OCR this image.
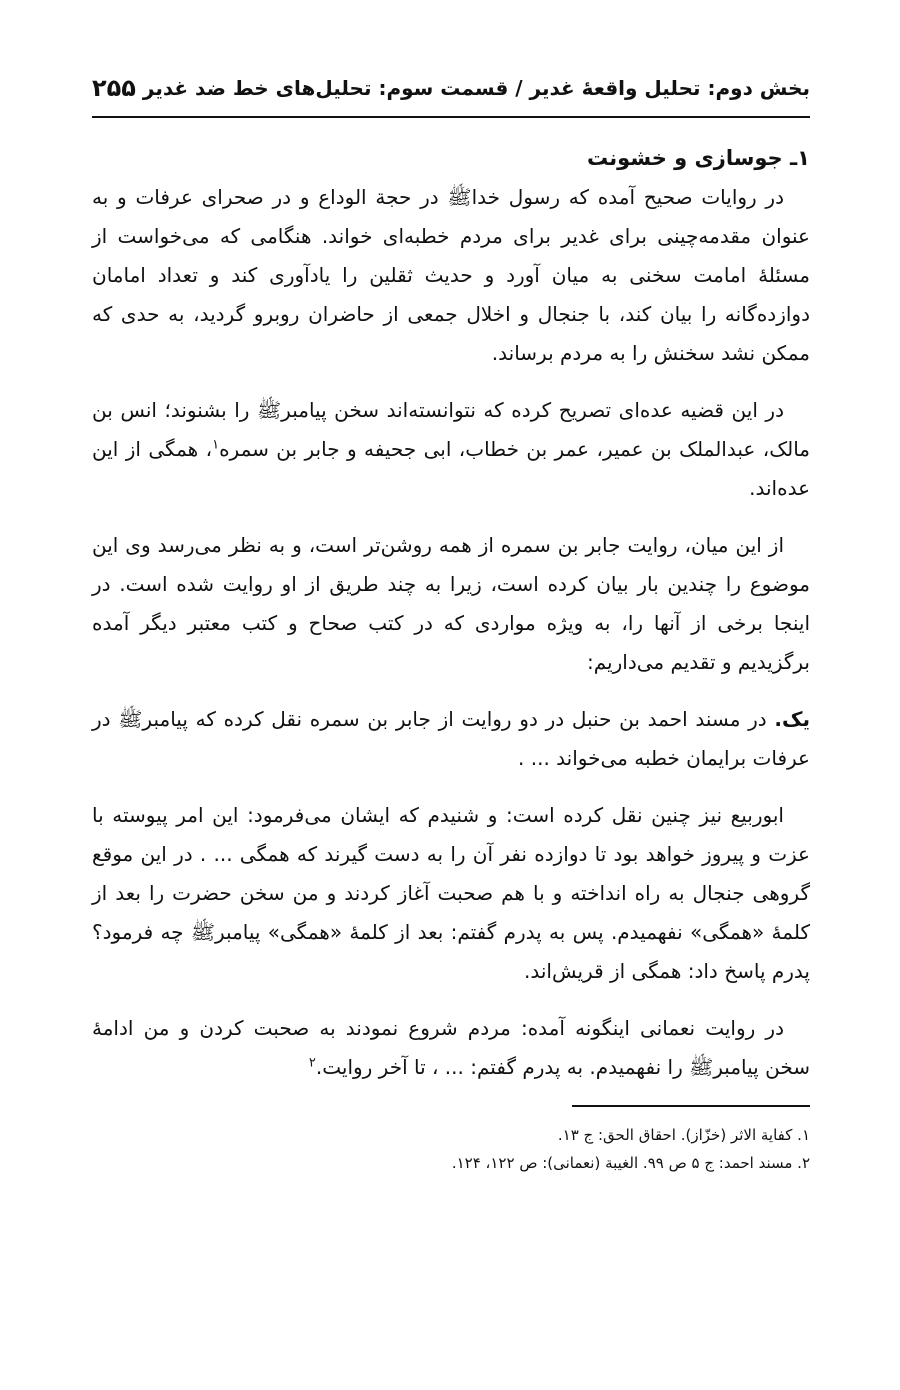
بخش دوم: تحلیل واقعهٔ غدیر / قسمت سوم: تحلیل‌های خط ضد غدیر
۲۵۵
۱ـ جوسازی و خشونت

در روایات صحیح آمده که رسول خداﷺ در حجة الوداع و در صحرای عرفات و به عنوان مقدمه‌چینی برای غدیر برای مردم خطبه‌ای خواند. هنگامی که می‌خواست از مسئلهٔ امامت سخنی به میان آورد و حدیث ثقلین را یادآوری کند و تعداد امامان دوازده‌گانه را بیان کند، با جنجال و اخلال جمعی از حاضران روبرو گردید، به حدی که ممکن نشد سخنش را به مردم برساند.

در این قضیه عده‌ای تصریح کرده که نتوانسته‌اند سخن پیامبرﷺ را بشنوند؛ انس بن مالک، عبدالملک بن عمیر، عمر بن خطاب، ابی جحیفه و جابر بن سمره$^۱$، همگی از این عده‌اند.

از این میان، روایت جابر بن سمره از همه روشن‌تر است، و به نظر می‌رسد وی این موضوع را چندین بار بیان کرده است، زیرا به چند طریق از او روایت شده است. در اینجا برخی از آنها را، به ویژه مواردی که در کتب صحاح و کتب معتبر دیگر آمده برگزیدیم و تقدیم می‌داریم:

یک. در مسند احمد بن حنبل در دو روایت از جابر بن سمره نقل کرده که پیامبرﷺ در عرفات برایمان خطبه می‌خواند ... .

ابوربیع نیز چنین نقل کرده است: و شنیدم که ایشان می‌فرمود: این امر پیوسته با عزت و پیروز خواهد بود تا دوازده نفر آن را به دست گیرند که همگی ... . در این موقع گروهی جنجال به راه انداخته و با هم صحبت آغاز کردند و من سخن حضرت را بعد از کلمهٔ «همگی» نفهمیدم. پس به پدرم گفتم: بعد از کلمهٔ «همگی» پیامبرﷺ چه فرمود؟ پدرم پاسخ داد: همگی از قریش‌اند.

در روایت نعمانی اینگونه آمده: مردم شروع نمودند به صحبت کردن و من ادامهٔ سخن پیامبرﷺ را نفهمیدم. به پدرم گفتم: ... ، تا آخر روایت.$^۲$

۱. کفایة الاثر (خزّاز). احقاق الحق: ج ۱۳.

۲. مسند احمد: ج ۵ ص ۹۹. الغیبة (نعمانی): ص ۱۲۲، ۱۲۴.
